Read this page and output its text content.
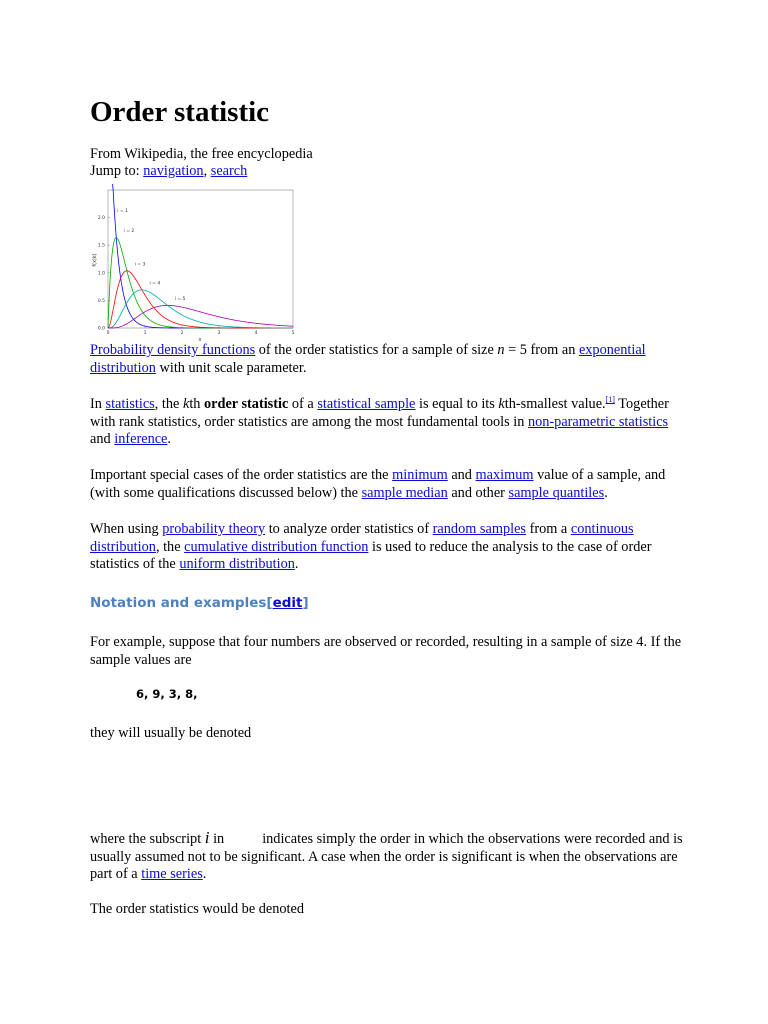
Order statistic
From Wikipedia, the free encyclopedia
Jump to: navigation, search
0.0
0.5
1.0
1.5
2.0
0	1	2	3	4	5
i = 1
i = 2
i = 3
i = 4
i = 5
f(x|k)
x
Probability density functions of the order statistics for a sample of size n = 5 from an exponential distribution with unit scale parameter.
In statistics, the kth order statistic of a statistical sample is equal to its kth-smallest value.[1] Together with rank statistics, order statistics are among the most fundamental tools in non-parametric statistics and inference.
Important special cases of the order statistics are the minimum and maximum value of a sample, and (with some qualifications discussed below) the sample median and other sample quantiles.
When using probability theory to analyze order statistics of random samples from a continuous distribution, the cumulative distribution function is used to reduce the analysis to the case of order statistics of the uniform distribution.
Notation and examples[edit]
For example, suppose that four numbers are observed or recorded, resulting in a sample of size 4. If the sample values are
6, 9, 3, 8,
they will usually be denoted
where the subscript i in	indicates simply the order in which the observations were recorded and is usually assumed not to be significant. A case when the order is significant is when the observations are part of a time series.
The order statistics would be denoted
